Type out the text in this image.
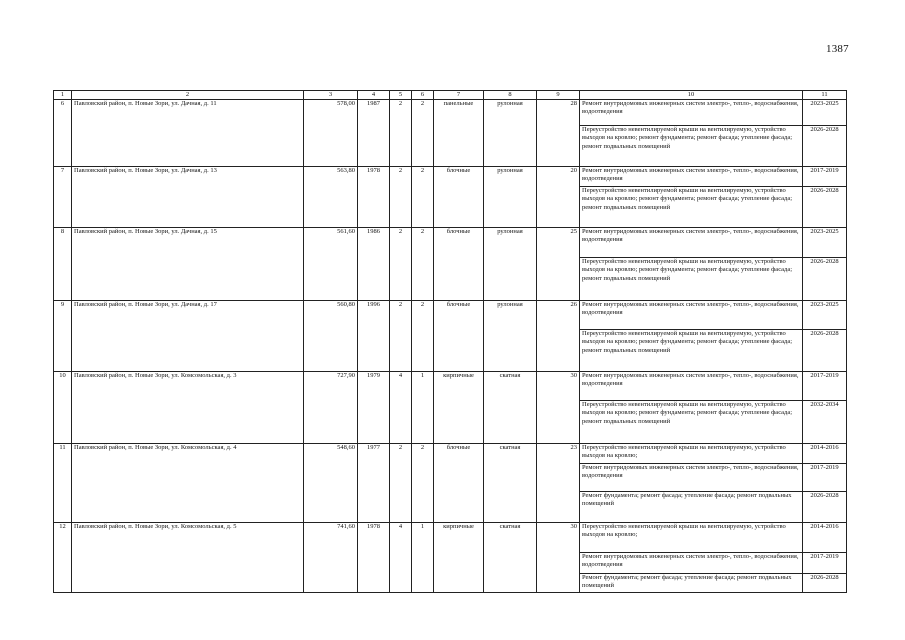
1387
1	2	3	4	5	6	7	8	9	10	11
6	Павловский район, п. Новые Зори, ул. Дачная, д. 11	578,00	1987	2	2	панельные	рулонная	28	Ремонт внутридомовых инженерных систем электро-, тепло-, водоснабжения, водоотведения	2023-2025
									Переустройство невентилируемой крыши на вентилируемую, устройство выходов на кровлю; ремонт фундамента; ремонт фасада; утепление фасада; ремонт подвальных помещений	2026-2028
7	Павловский район, п. Новые Зори, ул. Дачная, д. 13	563,80	1978	2	2	блочные	рулонная	20	Ремонт внутридомовых инженерных систем электро-, тепло-, водоснабжения, водоотведения	2017-2019
									Переустройство невентилируемой крыши на вентилируемую, устройство выходов на кровлю; ремонт фундамента; ремонт фасада; утепление фасада; ремонт подвальных помещений	2026-2028
8	Павловский район, п. Новые Зори, ул. Дачная, д. 15	561,60	1986	2	2	блочные	рулонная	25	Ремонт внутридомовых инженерных систем электро-, тепло-, водоснабжения, водоотведения	2023-2025
									Переустройство невентилируемой крыши на вентилируемую, устройство выходов на кровлю; ремонт фундамента; ремонт фасада; утепление фасада; ремонт подвальных помещений	2026-2028
9	Павловский район, п. Новые Зори, ул. Дачная, д. 17	560,80	1996	2	2	блочные	рулонная	26	Ремонт внутридомовых инженерных систем электро-, тепло-, водоснабжения, водоотведения	2023-2025
									Переустройство невентилируемой крыши на вентилируемую, устройство выходов на кровлю; ремонт фундамента; ремонт фасада; утепление фасада; ремонт подвальных помещений	2026-2028
10	Павловский район, п. Новые Зори, ул. Комсомольская, д. 3	727,90	1979	4	1	кирпичные	скатная	30	Ремонт внутридомовых инженерных систем электро-, тепло-, водоснабжения, водоотведения	2017-2019
									Переустройство невентилируемой крыши на вентилируемую, устройство выходов на кровлю; ремонт фундамента; ремонт фасада; утепление фасада; ремонт подвальных помещений	2032-2034
11	Павловский район, п. Новые Зори, ул. Комсомольская, д. 4	548,60	1977	2	2	блочные	скатная	23	Переустройство невентилируемой крыши на вентилируемую, устройство выходов на кровлю;	2014-2016
									Ремонт внутридомовых инженерных систем электро-, тепло-, водоснабжения, водоотведения	2017-2019
									Ремонт фундамента; ремонт фасада; утепление фасада; ремонт подвальных помещений	2026-2028
12	Павловский район, п. Новые Зори, ул. Комсомольская, д. 5	741,60	1978	4	1	кирпичные	скатная	30	Переустройство невентилируемой крыши на вентилируемую, устройство выходов на кровлю;	2014-2016
									Ремонт внутридомовых инженерных систем электро-, тепло-, водоснабжения, водоотведения	2017-2019
									Ремонт фундамента; ремонт фасада; утепление фасада; ремонт подвальных помещений	2026-2028
